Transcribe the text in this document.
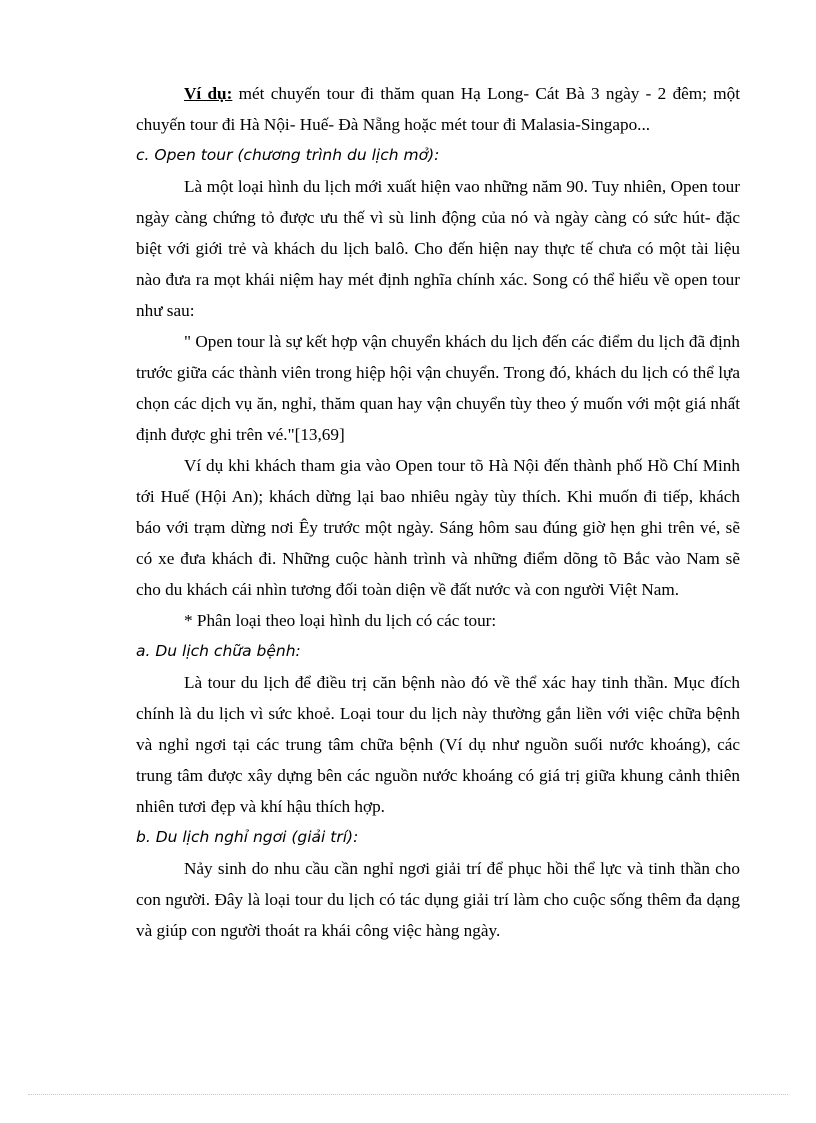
Ví dụ: mét chuyến tour đi thăm quan Hạ Long- Cát Bà 3 ngày - 2 đêm; một chuyến tour đi Hà Nội- Huế- Đà Nẵng hoặc mét tour đi Malasia-Singapo...

c. Open tour (chương trình du lịch mở):

Là một loại hình du lịch mới xuất hiện vao những năm 90. Tuy nhiên, Open tour ngày càng chứng tỏ được ưu thế vì sù linh động của nó và ngày càng có sức hút- đặc biệt với giới trẻ và khách du lịch balô. Cho đến hiện nay thực tế chưa có một tài liệu nào đưa ra mọt khái niệm hay mét định nghĩa chính xác. Song có thể hiểu về open tour như sau:

" Open tour là sự kết hợp vận chuyển khách du lịch đến các điểm du lịch đã định trước giữa các thành viên trong hiệp hội vận chuyển. Trong đó, khách du lịch có thể lựa chọn các dịch vụ ăn, nghỉ, thăm quan hay vận chuyển tùy theo ý muốn với một giá nhất định được ghi trên vé."[13,69]

Ví dụ khi khách tham gia vào Open tour tõ Hà Nội đến thành phố Hồ Chí Minh tới Huế (Hội An); khách dừng lại bao nhiêu ngày tùy thích. Khi muốn đi tiếp, khách báo với trạm dừng nơi Êy trước một ngày. Sáng hôm sau đúng giờ hẹn ghi trên vé, sẽ có xe đưa khách đi. Những cuộc hành trình và những điểm dõng tõ Bắc vào Nam sẽ cho du khách cái nhìn tương đối toàn diện về đất nước và con người Việt Nam.

* Phân loại theo loại hình du lịch có các tour:

a. Du lịch chữa bệnh:

Là tour du lịch để điều trị căn bệnh nào đó về thể xác hay tinh thần. Mục đích chính là du lịch vì sức khoẻ. Loại tour du lịch này thường gắn liền với việc chữa bệnh và nghỉ ngơi tại các trung tâm chữa bệnh (Ví dụ như nguồn suối nước khoáng), các trung tâm được xây dựng bên các nguồn nước khoáng có giá trị giữa khung cảnh thiên nhiên tươi đẹp và khí hậu thích hợp.

b. Du lịch nghỉ ngơi (giải trí):

Nảy sinh do nhu cầu cần nghỉ ngơi giải trí để phục hồi thể lực và tinh thần cho con người. Đây là loại tour du lịch có tác dụng giải trí làm cho cuộc sống thêm đa dạng và giúp con người thoát ra khái công việc hàng ngày.
